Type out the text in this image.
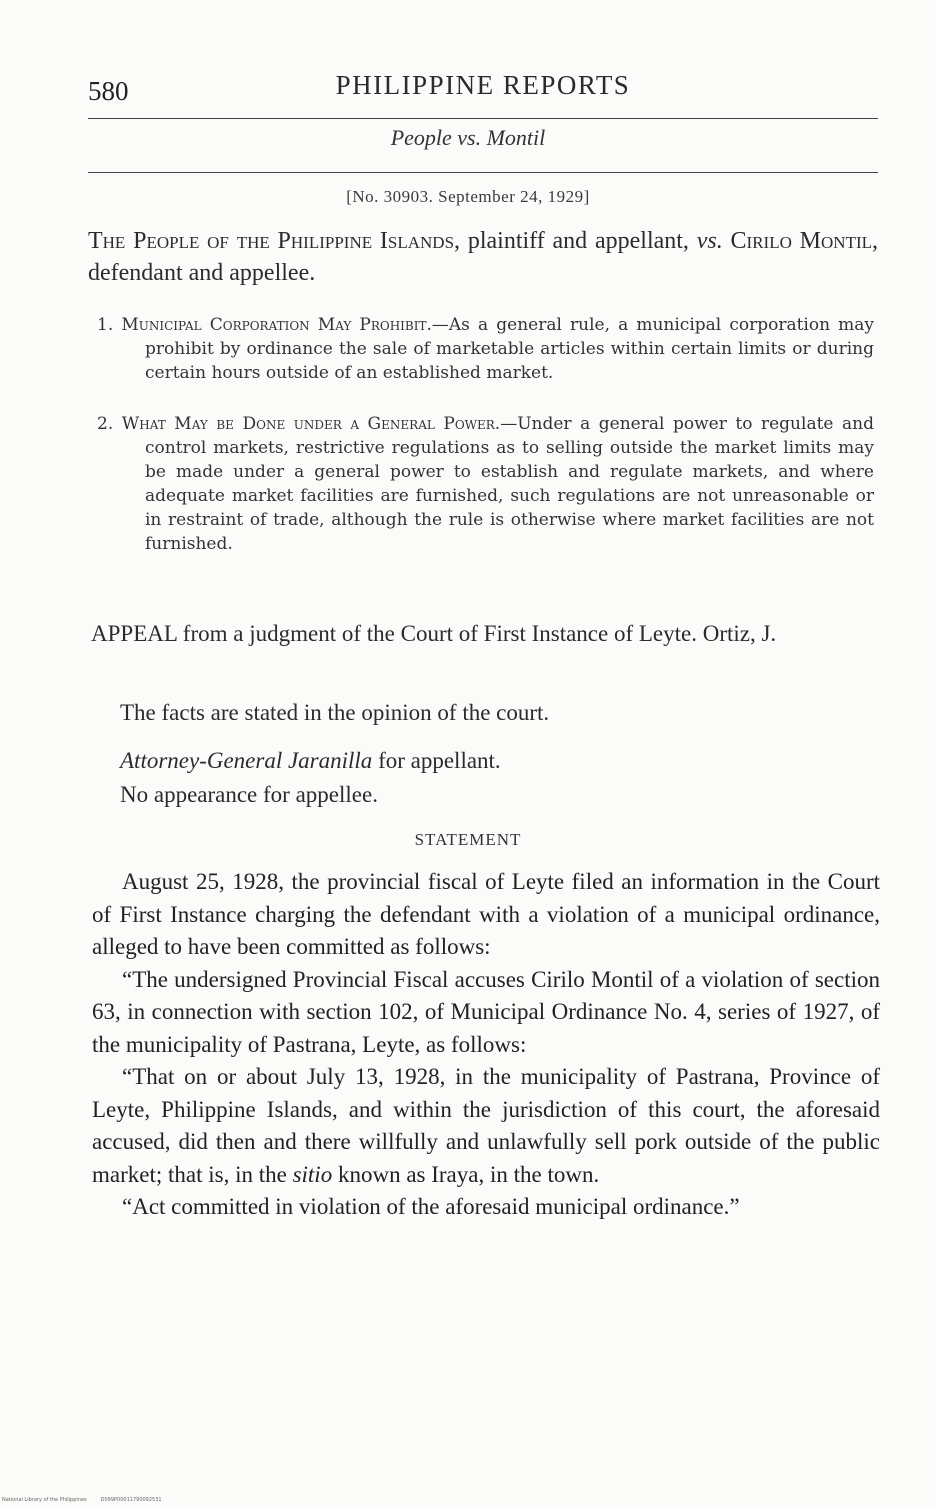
580	PHILIPPINE REPORTS
People vs. Montil
[No. 30903. September 24, 1929]
The People of the Philippine Islands, plaintiff and appellant, vs. Cirilo Montil, defendant and appellee.
1. Municipal Corporation May Prohibit.—As a general rule, a municipal corporation may prohibit by ordinance the sale of marketable articles within certain limits or during certain hours outside of an established market.
2. What May be Done under a General Power.—Under a general power to regulate and control markets, restrictive regulations as to selling outside the market limits may be made under a general power to establish and regulate markets, and where adequate market facilities are furnished, such regulations are not unreasonable or in restraint of trade, although the rule is otherwise where market facilities are not furnished.
APPEAL from a judgment of the Court of First Instance of Leyte. Ortiz, J.
The facts are stated in the opinion of the court.
Attorney-General Jaranilla for appellant.
No appearance for appellee.
STATEMENT

August 25, 1928, the provincial fiscal of Leyte filed an information in the Court of First Instance charging the defendant with a violation of a municipal ordinance, alleged to have been committed as follows:

“The undersigned Provincial Fiscal accuses Cirilo Montil of a violation of section 63, in connection with section 102, of Municipal Ordinance No. 4, series of 1927, of the municipality of Pastrana, Leyte, as follows:

“That on or about July 13, 1928, in the municipality of Pastrana, Province of Leyte, Philippine Islands, and within the jurisdiction of this court, the aforesaid accused, did then and there willfully and unlawfully sell pork outside of the public market; that is, in the sitio known as Iraya, in the town.

“Act committed in violation of the aforesaid municipal ordinance.”

National Library of the Philippines	D099P00011790092531
